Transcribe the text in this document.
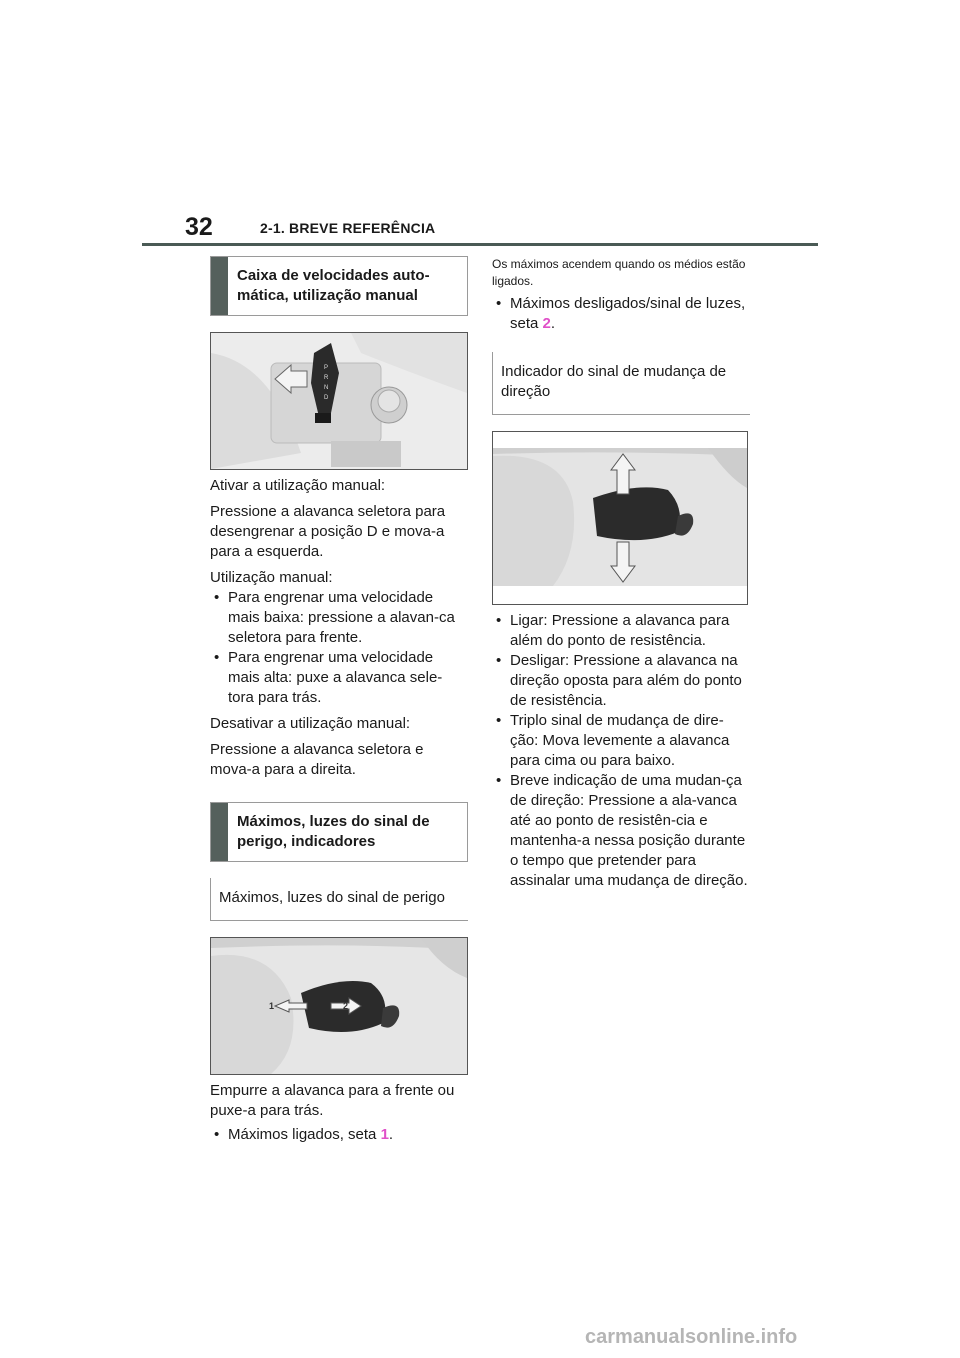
32	2-1. BREVE REFERÊNCIA
Caixa de velocidades auto-mática, utilização manual
P
R
N
D

Ativar a utilização manual:

Pressione a alavanca seletora para desengrenar a posição D e mova-a para a esquerda.

Utilização manual:

• Para engrenar uma velocidade mais baixa: pressione a alavan-ca seletora para frente.
• Para engrenar uma velocidade mais alta: puxe a alavanca sele-tora para trás.

Desativar a utilização manual:

Pressione a alavanca seletora e mova-a para a direita.

Máximos, luzes do sinal de perigo, indicadores
Máximos, luzes do sinal de perigo
1	2

Empurre a alavanca para a frente ou puxe-a para trás.

• Máximos ligados, seta 1.

Os máximos acendem quando os médios estão ligados.

• Máximos desligados/sinal de luzes, seta 2.
Indicador do sinal de mudança de direção
• Ligar: Pressione a alavanca para além do ponto de resistência.
• Desligar: Pressione a alavanca na direção oposta para além do ponto de resistência.
• Triplo sinal de mudança de dire-ção: Mova levemente a alavanca para cima ou para baixo.
• Breve indicação de uma mudan-ça de direção: Pressione a ala-vanca até ao ponto de resistên-cia e mantenha-a nessa posição durante o tempo que pretender para assinalar uma mudança de direção.
carmanualsonline.info
